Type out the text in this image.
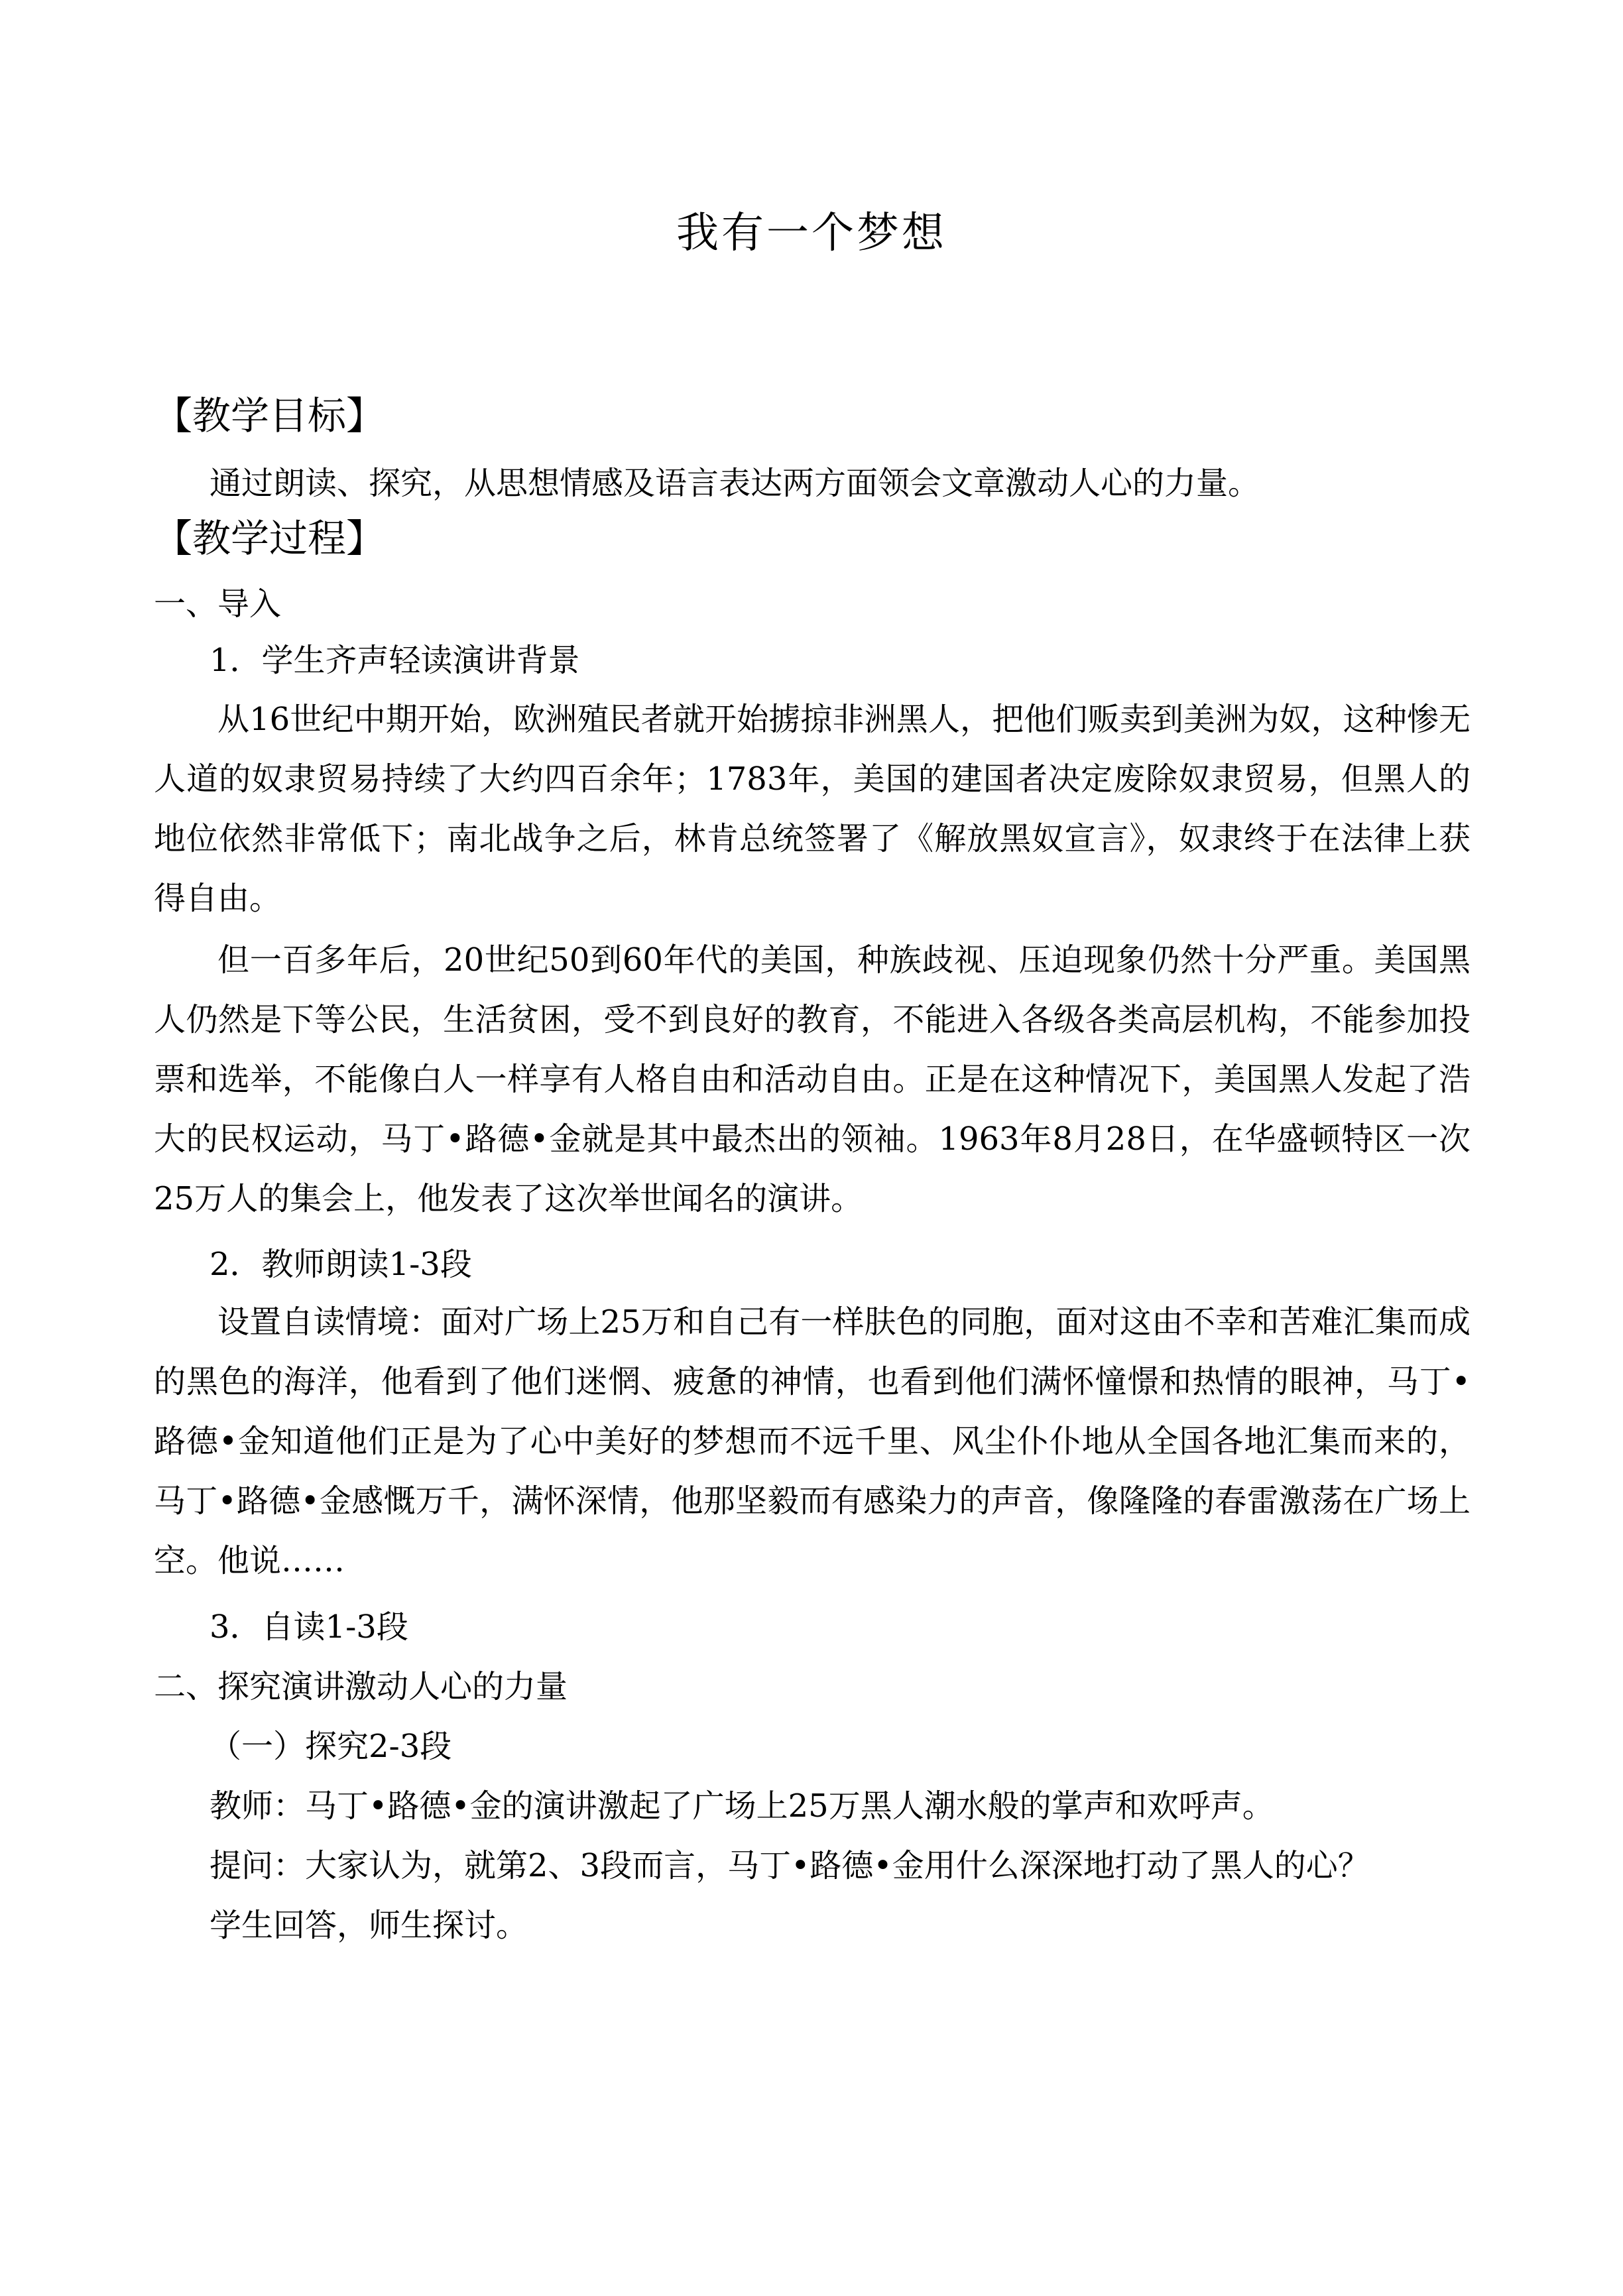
我有一个梦想
【教学目标】
通过朗读、探究，从思想情感及语言表达两方面领会文章激动人心的力量。
【教学过程】
一、导入
1．学生齐声轻读演讲背景

从16世纪中期开始，欧洲殖民者就开始掳掠非洲黑人，把他们贩卖到美洲为奴，这种惨无人道的奴隶贸易持续了大约四百余年；1783年，美国的建国者决定废除奴隶贸易，但黑人的地位依然非常低下；南北战争之后，林肯总统签署了《解放黑奴宣言》，奴隶终于在法律上获得自由。

但一百多年后，20世纪50到60年代的美国，种族歧视、压迫现象仍然十分严重。美国黑人仍然是下等公民，生活贫困，受不到良好的教育，不能进入各级各类高层机构，不能参加投票和选举，不能像白人一样享有人格自由和活动自由。正是在这种情况下，美国黑人发起了浩大的民权运动，马丁•路德•金就是其中最杰出的领袖。1963年8月28日，在华盛顿特区一次25万人的集会上，他发表了这次举世闻名的演讲。

2．教师朗读1-3段

设置自读情境：面对广场上25万和自己有一样肤色的同胞，面对这由不幸和苦难汇集而成的黑色的海洋，他看到了他们迷惘、疲惫的神情，也看到他们满怀憧憬和热情的眼神，马丁•路德•金知道他们正是为了心中美好的梦想而不远千里、风尘仆仆地从全国各地汇集而来的，马丁•路德•金感慨万千，满怀深情，他那坚毅而有感染力的声音，像隆隆的春雷激荡在广场上空。他说……

3．自读1-3段
二、探究演讲激动人心的力量
（一）探究2-3段
教师：马丁•路德•金的演讲激起了广场上25万黑人潮水般的掌声和欢呼声。
提问：大家认为，就第2、3段而言，马丁•路德•金用什么深深地打动了黑人的心？
学生回答，师生探讨。
